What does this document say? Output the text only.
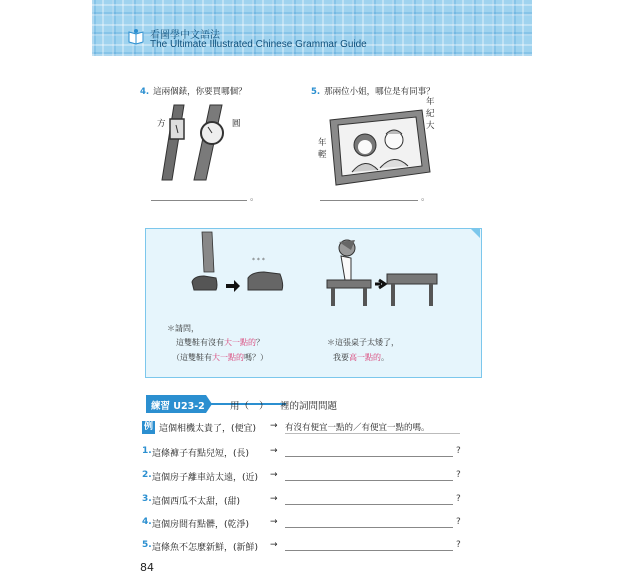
看圖學中文語法
The Ultimate Illustrated Chinese Grammar Guide
4. 這兩個錶，你要買哪個？
方	圓
。
5. 那兩位小姐，哪位是有同事？
年輕
年紀大
。
* * *
＊請問，
這雙鞋有沒有大一點的？
（這雙鞋有大一點的嗎？）
＊這張桌子太矮了，
我要高一點的。
練習 U23-2	用（ ） 裡的詞問問題
例 這個相機太貴了，(便宜) → 有沒有便宜一點的／有便宜一點的嗎。
1. 這條褲子有點兒短，(長) →	?
2. 這個房子離車站太遠，(近) →	?
3. 這個西瓜不太甜，(甜)	→	?
4. 這個房間有點髒，(乾淨) →	?
5. 這條魚不怎麼新鮮，(新鮮) →	?
84
